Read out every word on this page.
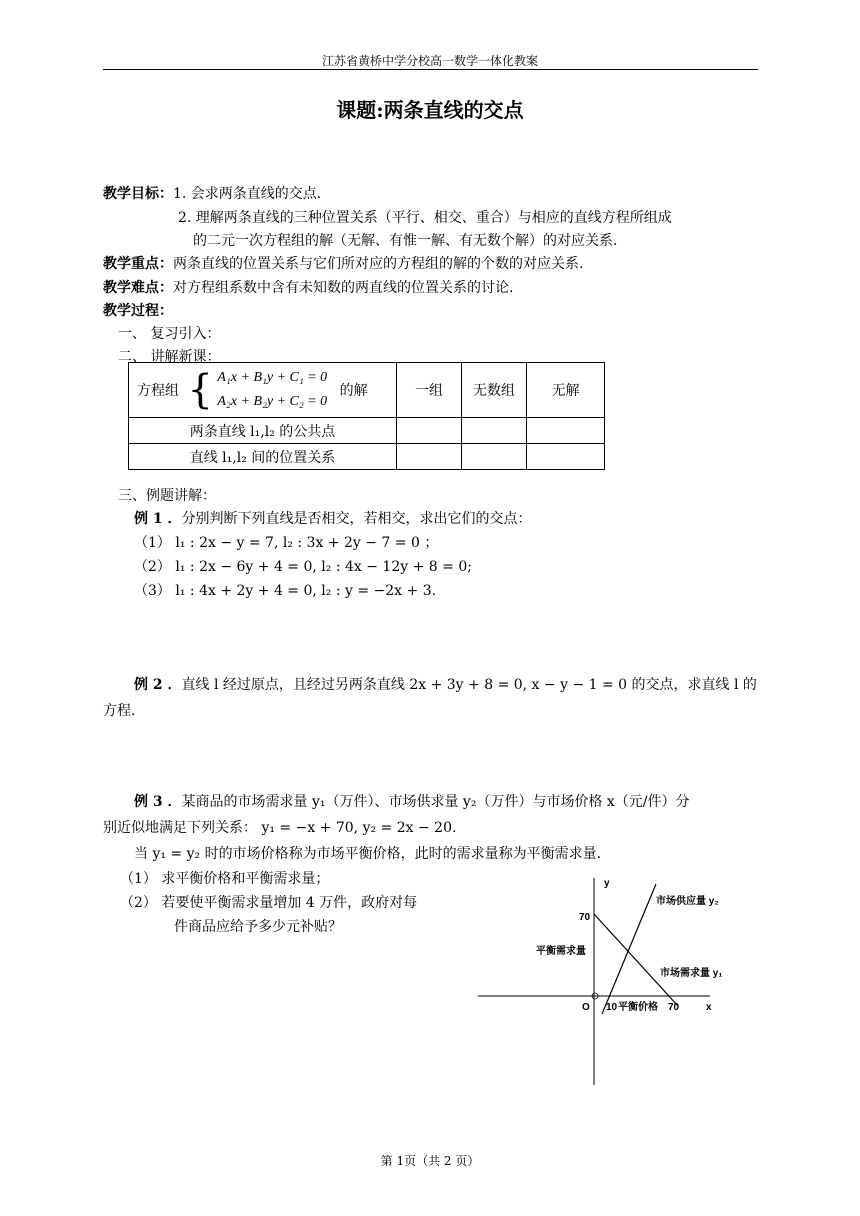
江苏省黄桥中学分校高一数学一体化教案
课题:两条直线的交点
教学目标：1. 会求两条直线的交点.
2. 理解两条直线的三种位置关系（平行、相交、重合）与相应的直线方程所组成
的二元一次方程组的解（无解、有惟一解、有无数个解）的对应关系.
教学重点：两条直线的位置关系与它们所对应的方程组的解的个数的对应关系.
教学难点：对方程组系数中含有未知数的两直线的位置关系的讨论.
教学过程：
一、 复习引入：
二、 讲解新课：
方程组 { A₁x + B₁y + C₁ = 0
A₂x + B₂y + C₂ = 0
的解	一组	无数组	无解
两条直线 l₁,l₂ 的公共点			
直线 l₁,l₂ 间的位置关系			
三、例题讲解：
例 1 ．分别判断下列直线是否相交，若相交，求出它们的交点：
（1） l₁ : 2x − y = 7, l₂ : 3x + 2y − 7 = 0 ；
（2） l₁ : 2x − 6y + 4 = 0, l₂ : 4x − 12y + 8 = 0;
（3） l₁ : 4x + 2y + 4 = 0, l₂ : y = −2x + 3.
例 2 ．直线 l 经过原点，且经过另两条直线 2x + 3y + 8 = 0, x − y − 1 = 0 的交点，求直线 l 的
方程.
例 3 ．某商品的市场需求量 y₁（万件）、市场供求量 y₂（万件）与市场价格 x（元/件）分
别近似地满足下列关系： y₁ = −x + 70, y₂ = 2x − 20.
当 y₁ = y₂ 时的市场价格称为市场平衡价格，此时的需求量称为平衡需求量.
（1） 求平衡价格和平衡需求量；
（2） 若要使平衡需求量增加 4 万件，政府对每
件商品应给予多少元补贴？
y
x
O
70
10	70
市场供应量 y₂
市场需求量 y₁
平衡需求量
平衡价格
第 1页（共 2 页）
